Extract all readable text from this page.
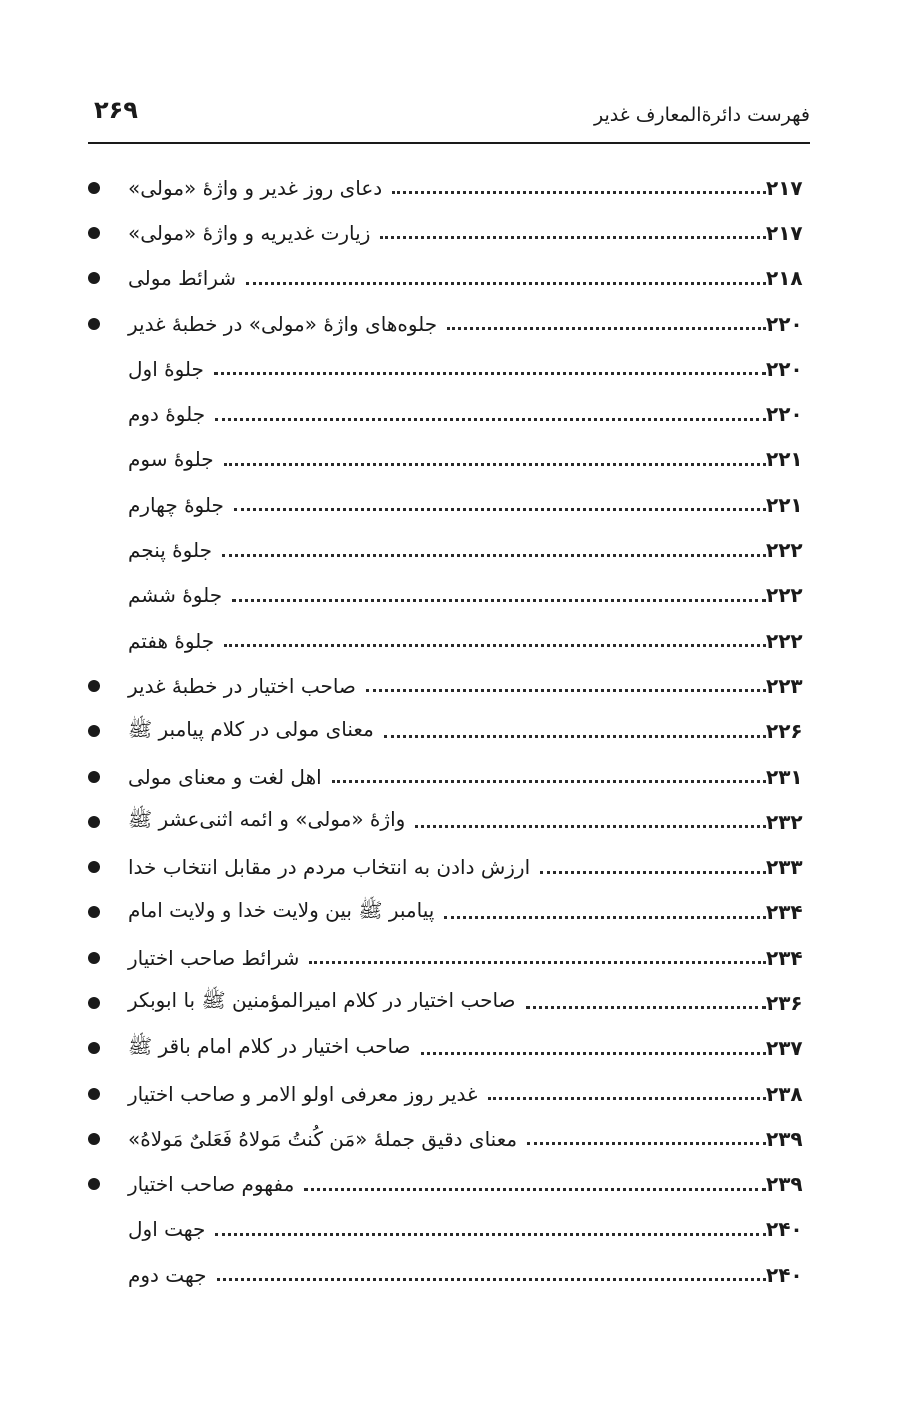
۲۶۹	فهرست دائرةالمعارف غدیر
دعای روز غدیر و واژهٔ «مولی»	۲۱۷
زیارت غدیریه و واژهٔ «مولی»	۲۱۷
شرائط مولی	۲۱۸
جلوه‌های واژهٔ «مولی» در خطبهٔ غدیر	۲۲۰
جلوهٔ اول	۲۲۰
جلوهٔ دوم	۲۲۰
جلوهٔ سوم	۲۲۱
جلوهٔ چهارم	۲۲۱
جلوهٔ پنجم	۲۲۲
جلوهٔ ششم	۲۲۲
جلوهٔ هفتم	۲۲۲
صاحب اختیار در خطبهٔ غدیر	۲۲۳
معنای مولی در کلام پیامبر ﷺ	۲۲۶
اهل لغت و معنای مولی	۲۳۱
واژهٔ «مولی» و ائمه اثنی‌عشر ﷺ	۲۳۲
ارزش دادن به انتخاب مردم در مقابل انتخاب خدا	۲۳۳
پیامبر ﷺ بین ولایت خدا و ولایت امام	۲۳۴
شرائط صاحب اختیار	۲۳۴
صاحب اختیار در کلام امیرالمؤمنین ﷺ با ابوبکر	۲۳۶
صاحب اختیار در کلام امام باقر ﷺ	۲۳۷
غدیر روز معرفی اولو الامر و صاحب اختیار	۲۳۸
معنای دقیق جملهٔ «مَن کُنتُ مَولاهُ فَعَلیٌ مَولاهُ»	۲۳۹
مفهوم صاحب اختیار	۲۳۹
جهت اول	۲۴۰
جهت دوم	۲۴۰
